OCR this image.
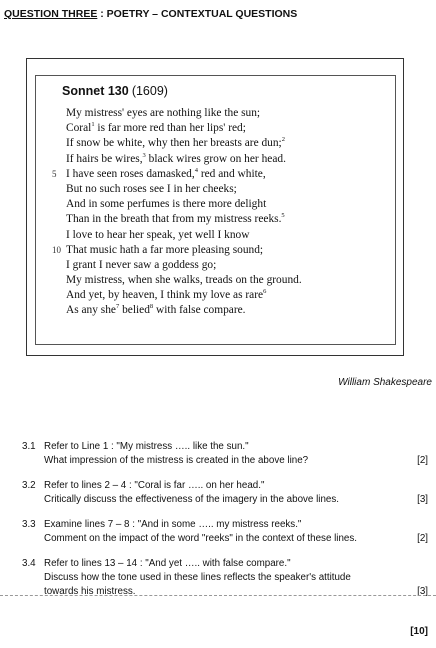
QUESTION THREE : POETRY – CONTEXTUAL QUESTIONS
Sonnet 130 (1609)
My mistress' eyes are nothing like the sun;
Coral$^1$ is far more red than her lips' red;
If snow be white, why then her breasts are dun;$^2$
If hairs be wires,$^3$ black wires grow on her head.
5 I have seen roses damasked,$^4$ red and white,
But no such roses see I in her cheeks;
And in some perfumes is there more delight
Than in the breath that from my mistress reeks.$^5$
I love to hear her speak, yet well I know
10 That music hath a far more pleasing sound;
I grant I never saw a goddess go;
My mistress, when she walks, treads on the ground.
And yet, by heaven, I think my love as rare$^6$
As any she$^7$ belied$^8$ with false compare.
William Shakespeare
3.1 Refer to Line 1 : "My mistress ….. like the sun."
What impression of the mistress is created in the above line?	[2]
3.2 Refer to lines 2 – 4 : "Coral is far ….. on her head."
Critically discuss the effectiveness of the imagery in the above lines.	[3]
3.3 Examine lines 7 – 8 : "And in some ….. my mistress reeks."
Comment on the impact of the word "reeks" in the context of these lines.	[2]
3.4 Refer to lines 13 – 14 : "And yet ….. with false compare."
Discuss how the tone used in these lines reflects the speaker's attitude
towards his mistress.	[3]
[10]
